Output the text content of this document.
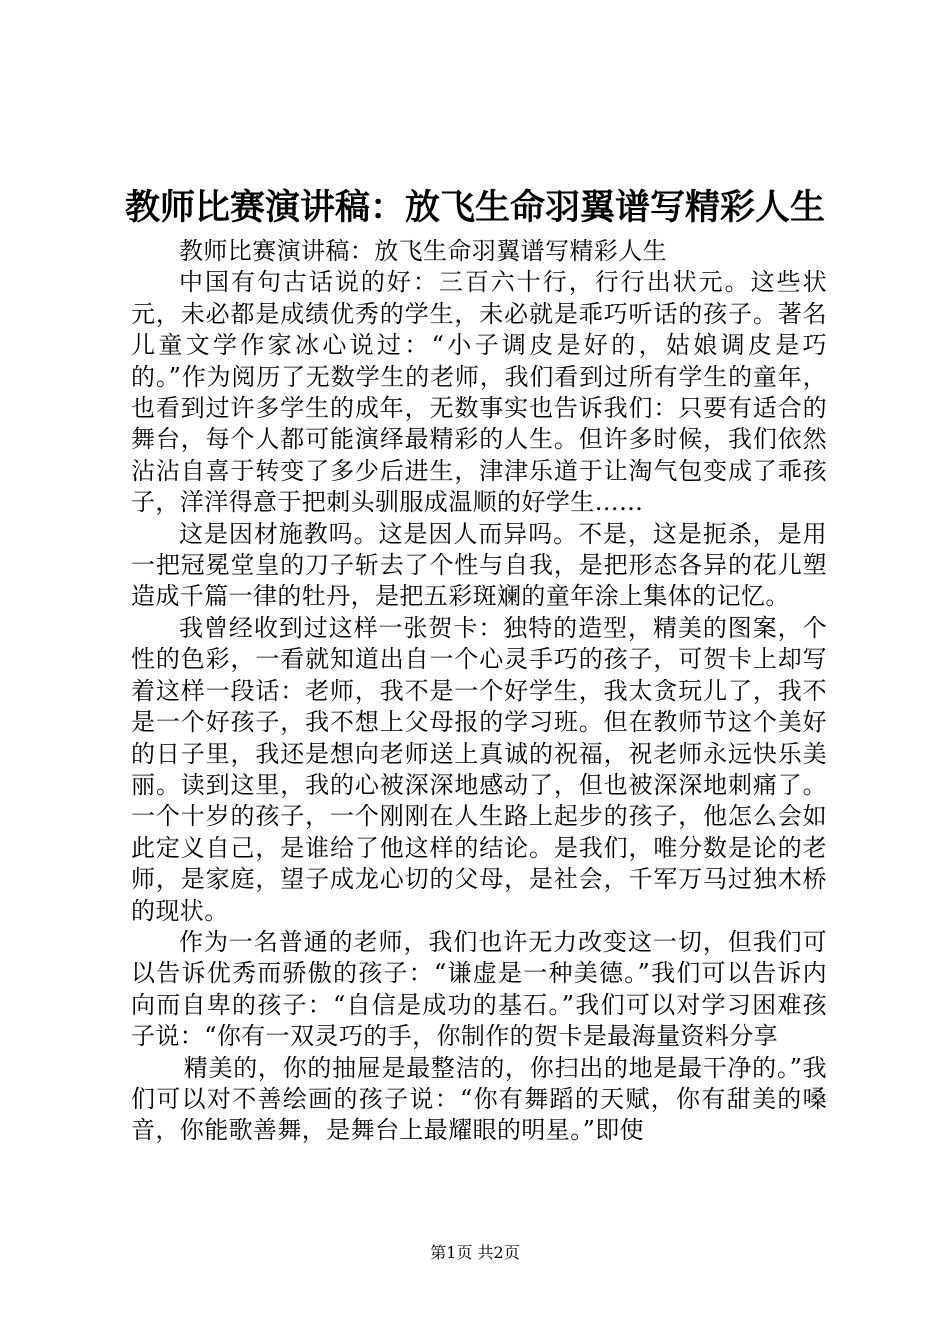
教师比赛演讲稿：放飞生命羽翼谱写精彩人生

教师比赛演讲稿：放飞生命羽翼谱写精彩人生

中国有句古话说的好：三百六十行，行行出状元。这些状元，未必都是成绩优秀的学生，未必就是乖巧听话的孩子。著名儿童文学作家冰心说过：“小子调皮是好的，姑娘调皮是巧的。”作为阅历了无数学生的老师，我们看到过所有学生的童年，也看到过许多学生的成年，无数事实也告诉我们：只要有适合的舞台，每个人都可能演绎最精彩的人生。但许多时候，我们依然沾沾自喜于转变了多少后进生，津津乐道于让淘气包变成了乖孩子，洋洋得意于把刺头驯服成温顺的好学生……

这是因材施教吗。这是因人而异吗。不是，这是扼杀，是用一把冠冕堂皇的刀子斩去了个性与自我，是把形态各异的花儿塑造成千篇一律的牡丹，是把五彩斑斓的童年涂上集体的记忆。

我曾经收到过这样一张贺卡：独特的造型，精美的图案，个性的色彩，一看就知道出自一个心灵手巧的孩子，可贺卡上却写着这样一段话：老师，我不是一个好学生，我太贪玩儿了，我不是一个好孩子，我不想上父母报的学习班。但在教师节这个美好的日子里，我还是想向老师送上真诚的祝福，祝老师永远快乐美丽。读到这里，我的心被深深地感动了，但也被深深地刺痛了。一个十岁的孩子，一个刚刚在人生路上起步的孩子，他怎么会如此定义自己，是谁给了他这样的结论。是我们，唯分数是论的老师，是家庭，望子成龙心切的父母，是社会，千军万马过独木桥的现状。

作为一名普通的老师，我们也许无力改变这一切，但我们可以告诉优秀而骄傲的孩子：“谦虚是一种美德。”我们可以告诉内向而自卑的孩子：“自信是成功的基石。”我们可以对学习困难孩子说：“你有一双灵巧的手，你制作的贺卡是最海量资料分享

精美的，你的抽屉是最整洁的，你扫出的地是最干净的。”我们可以对不善绘画的孩子说：“你有舞蹈的天赋，你有甜美的嗓音，你能歌善舞，是舞台上最耀眼的明星。”即使

第1页 共2页
